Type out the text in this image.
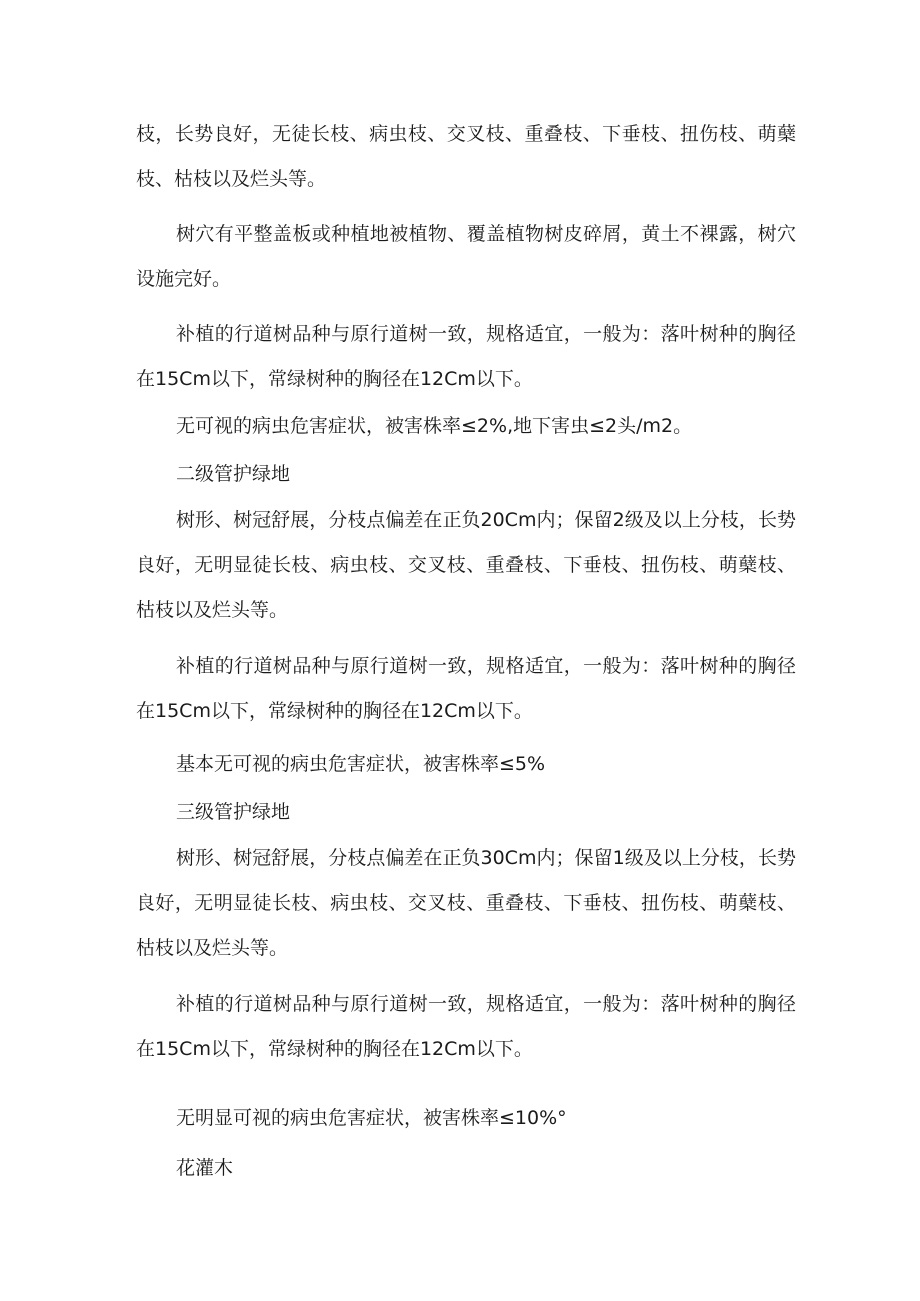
枝，长势良好，无徒长枝、病虫枝、交叉枝、重叠枝、下垂枝、扭伤枝、萌蘖枝、枯枝以及烂头等。

树穴有平整盖板或种植地被植物、覆盖植物树皮碎屑，黄土不裸露，树穴设施完好。

补植的行道树品种与原行道树一致，规格适宜，一般为：落叶树种的胸径在15Cm以下，常绿树种的胸径在12Cm以下。

无可视的病虫危害症状，被害株率≤2%,地下害虫≤2头/m2。

二级管护绿地

树形、树冠舒展，分枝点偏差在正负20Cm内；保留2级及以上分枝，长势良好，无明显徒长枝、病虫枝、交叉枝、重叠枝、下垂枝、扭伤枝、萌蘖枝、枯枝以及烂头等。

补植的行道树品种与原行道树一致，规格适宜，一般为：落叶树种的胸径在15Cm以下，常绿树种的胸径在12Cm以下。

基本无可视的病虫危害症状，被害株率≤5%

三级管护绿地

树形、树冠舒展，分枝点偏差在正负30Cm内；保留1级及以上分枝，长势良好，无明显徒长枝、病虫枝、交叉枝、重叠枝、下垂枝、扭伤枝、萌蘖枝、枯枝以及烂头等。

补植的行道树品种与原行道树一致，规格适宜，一般为：落叶树种的胸径在15Cm以下，常绿树种的胸径在12Cm以下。

无明显可视的病虫危害症状，被害株率≤10%°

花灌木
